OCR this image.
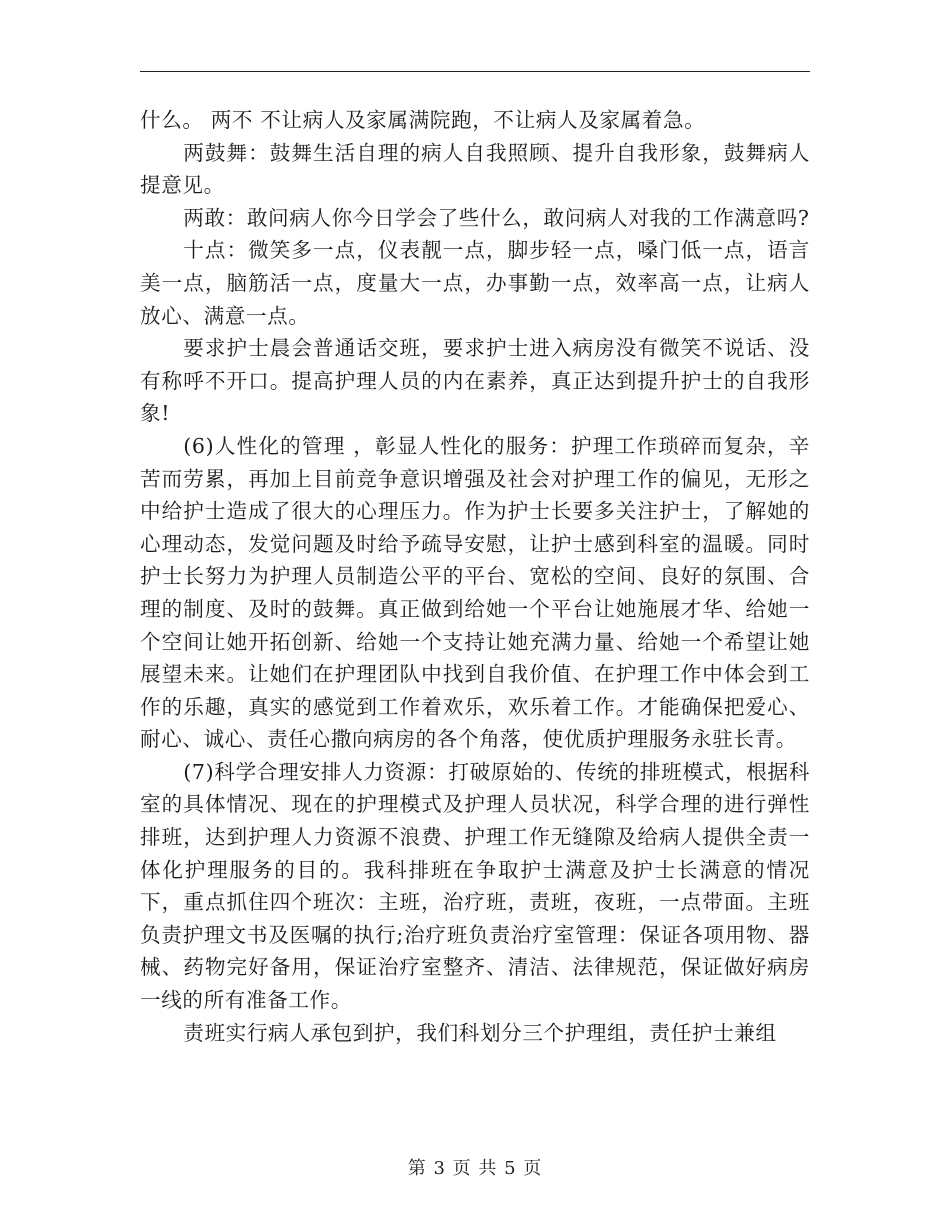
什么。 两不 不让病人及家属满院跑，不让病人及家属着急。

两鼓舞：鼓舞生活自理的病人自我照顾、提升自我形象，鼓舞病人提意见。

两敢：敢问病人你今日学会了些什么，敢问病人对我的工作满意吗?

十点：微笑多一点，仪表靓一点，脚步轻一点，嗓门低一点，语言美一点，脑筋活一点，度量大一点，办事勤一点，效率高一点，让病人放心、满意一点。

要求护士晨会普通话交班，要求护士进入病房没有微笑不说话、没有称呼不开口。提高护理人员的内在素养，真正达到提升护士的自我形象!

(6)人性化的管理 ，彰显人性化的服务：护理工作琐碎而复杂，辛苦而劳累，再加上目前竞争意识增强及社会对护理工作的偏见，无形之中给护士造成了很大的心理压力。作为护士长要多关注护士，了解她的心理动态，发觉问题及时给予疏导安慰，让护士感到科室的温暖。同时护士长努力为护理人员制造公平的平台、宽松的空间、良好的氛围、合理的制度、及时的鼓舞。真正做到给她一个平台让她施展才华、给她一个空间让她开拓创新、给她一个支持让她充满力量、给她一个希望让她展望未来。让她们在护理团队中找到自我价值、在护理工作中体会到工作的乐趣，真实的感觉到工作着欢乐，欢乐着工作。才能确保把爱心、耐心、诚心、责任心撒向病房的各个角落，使优质护理服务永驻长青。

(7)科学合理安排人力资源：打破原始的、传统的排班模式，根据科室的具体情况、现在的护理模式及护理人员状况，科学合理的进行弹性排班，达到护理人力资源不浪费、护理工作无缝隙及给病人提供全责一体化护理服务的目的。我科排班在争取护士满意及护士长满意的情况下，重点抓住四个班次：主班，治疗班，责班，夜班，一点带面。主班负责护理文书及医嘱的执行;治疗班负责治疗室管理：保证各项用物、器械、药物完好备用，保证治疗室整齐、清洁、法律规范，保证做好病房一线的所有准备工作。

责班实行病人承包到护，我们科划分三个护理组，责任护士兼组

第 3 页 共 5 页
